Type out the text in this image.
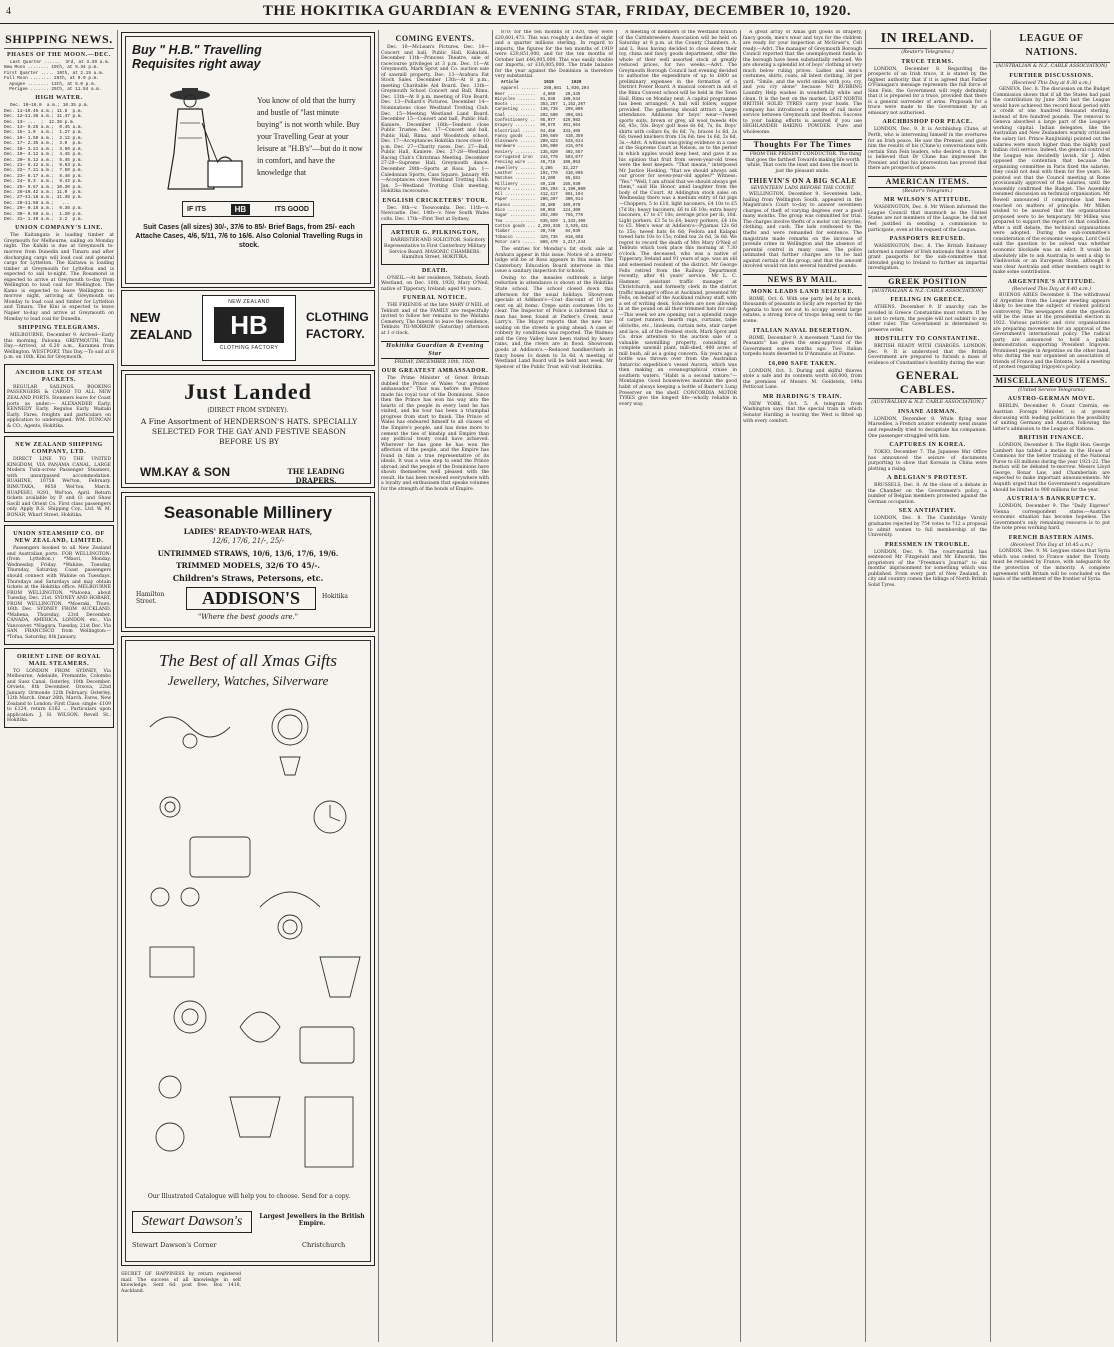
4	THE HOKITIKA GUARDIAN & EVENING STAR, FRIDAY, DECEMBER 10, 1920.

SHIPPING NEWS.

PHASES OF THE MOON.—DEC.

Last Quarter ......  3rd, at 3.39 a.m.
New Moon ........ 10th, at 9.34 p.m.
First Quarter ..... 19th, at 2.15 a.m.
Full Moon ........ 26th, at 9.0 p.m.
Apogee ........ 13th, at 5.0 p.m.
Perigee ....... 25th, at 11.54 a.m.

HIGH WATER.

Dec. 10—10.0  a.m.; 10.35 p.m.
Dec. 11—10.45 a.m.; 11.8  p.m.
Dec. 12—11.38 a.m.; 11.47 p.m.
Dec. 13— ...  ;  12.35 p.m.
Dec. 14— 0.25 a.m.;  0.45 a.m.
Dec. 15— 1.0  a.m.;  1.27 p.m.
Dec. 16— 1.50 a.m.;  2.12 p.m.
Dec. 17— 2.35 a.m.;  3.0  p.m.
Dec. 18— 3.21 a.m.;  3.50 p.m.
Dec. 19— 4.12 a.m.;  4.45 p.m.
Dec. 20— 5.12 a.m.;  5.45 p.m.
Dec. 21— 6.12 a.m.;  6.53 p.m.
Dec. 22— 7.21 a.m.;  7.50 p.m.
Dec. 23— 8.17 a.m.;  8.48 p.m.
Dec. 24— 9.3  a.m.;  9.43 p.m.
Dec. 25— 9.57 a.m.; 10.30 p.m.
Dec. 26—10.42 a.m.; 11.0  p.m.
Dec. 27—11.18 a.m.; 11.38 p.m.
Dec. 28—11.58 a.m.;   ...
Dec. 29— 0.18 a.m.;  0.38 p.m.
Dec. 30— 0.59 a.m.;  1.20 p.m.
Dec. 31— 1.40 a.m.;  2.2  p.m.

UNION COMPANY'S LINE.

The Kaitangata is loading timber at Greymouth for Melbourne, sailing on Monday night. The Kahiki is due at Greymouth to-morrow from Dunedin and Timaru and after discharging cargo will load coal and general cargo for Lyttelton. The Kaitawa is loading timber at Greymouth for Lyttelton and is expected to sail to-night. The Rosamond is expected to arrive at Greymouth to-day from Wellington to load coal for Wellington. The Kamo is expected to leave Wellington to-morrow night, arriving at Greymouth on Monday to load coal and timber for Lyttelton and Timaru. The Kini is expected to leave Napier to-day and arrive at Greymouth on Monday to load coal for Dunedin.

SHIPPING TELEGRAMS.

MELBOURNE, December 9. Arrived—Early this morning, Paloona. GREYMOUTH, This Day.—Arrived, at 6.20 a.m., Karamea from Wellington. WESTPORT, This Day.—To sail at 8 p.m. on 10th, Kini for Greymouth.

ANCHOR LINE OF STEAM PACKETS.

REGULAR SAILINGS. BOOKING PASSENGERS & CARGO TO ALL NEW ZEALAND PORTS. Steamers leave for Coast ports as under:— ALEXANDER Early. KENNEDY Early. Regulus Early. Waitaki Early. Fares, freights and particulars on application to undersigned. WM. DUNCAN & CO., Agents, Hokitika.

NEW ZEALAND SHIPPING COMPANY, LTD.

DIRECT LINE TO THE UNITED KINGDOM, VIA PANAMA CANAL. LARGE Modern Twin-screw Passenger Steamers, with unsurpassed accommodation. RUAHINE, 10758 Wel'ton, February. RIMUTAKA, 9658 Wel'ton, March. RUAPEHU, 9291, Wel'ton, April. Return tickets available by P. and O. and Shaw Savill and Orient Co. First class passengers only. Apply R.S. Shipping Coy., Ltd. W. M. BONAR, Wharf Street, Hokitika.

UNION STEAMSHIP CO. OF NEW ZEALAND, LIMITED.

Passengers booked to all New Zealand and Australian ports. FOR WELLINGTON: (from Lyttelton.) *Maori, Monday, Wednesday, Friday. *Wahine, Tuesday, Thursday, Saturday. Coast passengers should connect with Wahine on Tuesdays, Thursdays and Saturdays and may obtain tickets at the Hokitika office. MELBOURNE FROM WELLINGTON. *Paloona, about Tuesday, Dec. 21st. SYDNEY AND HOBART, FROM WELLINGTON. *Moeraki, Thurs, 16th Dec. SYDNEY FROM AUCKLAND. *Mahena, Thursday, 23rd December. CANADA, AMERICA, LONDON, etc., Via Vancouver. *Niagara, Tuesday, 21st Dec. Via SAN FRANCISCO from Wellington:— *Tofua, Saturday, 8th January.

ORIENT LINE OF ROYAL MAIL STEAMERS.

TO LONDON FROM SYDNEY, Via Melbourne, Adelaide, Fremantle, Colombo and Suez Canal. Osterley, 10th December. Orvieto, 8th December. Orsova, 22nd January. Ormonde 12th February. Osterley, 12th March. Omar 26th, March. Fares, New Zealand to London: First Class: single: £109 to £124, return £162 ... Particulars upon application. J. H. WILSON, Revell St., Hokitika.

Buy " H.B." Travelling Requisites right away
You know of old that the hurry and bustle of "last minute buying" is not worth while. Buy your Travelling Gear at your leisure at "H.B's"—but do it now in comfort, and have the knowledge that
IF ITS	HB	ITS GOOD
Suit Cases (all sizes) 30/-, 37/6 to 85/- Brief Bags, from 25/- each Attache Cases, 4/6, 5/11, 7/6 to 16/6. Also Colonial Travelling Rugs in stock.
NEW
ZEALAND
NEW ZEALAND
HB
CLOTHING FACTORY
CLOTHING
FACTORY.
Just Landed
(DIRECT FROM SYDNEY).
A Fine Assortment of HENDERSON'S HATS. SPECIALLY SELECTED FOR THE GAY AND FESTIVE SEASON BEFORE US BY
WM.KAY & SON	THE LEADING DRAPERS.
Seasonable Millinery
LADIES' READY-TO-WEAR HATS,
12/6, 17/6, 21/-, 25/-
UNTRIMMED STRAWS, 10/6, 13/6, 17/6, 19/6.
TRIMMED MODELS, 32/6 TO 45/-.
Children's Straws, Petersons, etc.
Hamilton Street.	ADDISON'S	Hokitika
"Where the best goods are."
The Best of all Xmas Gifts
Jewellery, Watches, Silverware
Our Illustrated Catalogue will help you to choose. Send for a copy.
Stewart Dawson's	Largest Jewellers in the British Empire.
Stewart Dawson's Corner	Christchurch
SECRET OF HAPPINESS by return registered mail. The success of all knowledge in self knowledge. Sent 6d. post free. Box 1418, Auckland.

COMING EVENTS.

Dec. 10—McLean's Pictures. Dec. 10—Concert and ball, Public Hall, Kokatahi. December 11th—Princess Theatre, sale of racecourse privileges at 3 p.m. Dec. 11—At Greymouth, Mark Sprot and Co. auction sale of sawmill property. Dec. 13—Arahura Fat Stock Sales. December 13th—At 8 p.m., meeting Charitable Aid Board. Dec. 13th—Greymouth School Concert and Ball, Rimu. Dec. 13th—At 8 p.m. meeting of Fire Board. Dec. 13—Pollard's Pictures. December 14—Nominations close Westland Trotting Club. Dec. 15—Meeting Westland Land Board. December 15—Concert and ball, Public Hall, Kaniere. December 16th—Tenders close Public Trustee. Dec. 17—Concert and ball, Public Hall, Rimu, and Woodstock school. Dec. 17—Acceptances Hokitika races close 10 p.m. Dec. 27—Charity races. Dec. 27—Ball, Public Hall, Kaniere. Dec. 27-28—Westland Racing Club's Christmas Meeting. December 27-28—Supreme Hall, Greymouth dance. December 28th—Sports at Ross. Jan. 1—Caledonian Sports, Cass Square. January 4th—Acceptances close Westland Trotting Club. Jan. 5—Westland Trotting Club meeting, Hokitika racecourse.

ENGLISH CRICKETERS' TOUR.

Dec. 8th—v. Toowoomba. Dec. 11th—v. Newcastle. Dec. 14th—v. New South Wales colts. Dec. 17th—First Test at Sydney.

ARTHUR G. PILKINGTON,

BARRISTER AND SOLICITOR. Solicitory Representative to First Canterbury Military Service Board. MASONIC CHAMBERS. Hamilton Street, HOKITIKA.

DEATH.

O'NEIL.—At her residence, Tebbuts, South Westland, on Dec. 10th, 1920, Mary O'Neil, native of Tipperary, Ireland; aged 91 years.

FUNERAL NOTICE.

THE FRIENDS of the late MARY O'NEIL of Tebbutt and of the FAMILY are respectfully invited to follow her remains to the Waitaha Cemetery. The funeral to leave the residence, Tebbuts TO-MORROW (Saturday) afternoon at 1 o'clock.

Hokitika Guardian & Evening Star

FRIDAY, DECEMBER 10th, 1920.

OUR GREATEST AMBASSADOR.

The Prime Minister of Great Britain dubbed the Prince of Wales "our greatest ambassador." That was before the Prince made his royal tour of the Dominions. Since then the Prince has won his way into the hearts of the people in every land he has visited, and his tour has been a triumphal progress from start to finish. The Prince of Wales has endeared himself to all classes of the Empire's people, and has done more to cement the ties of kinship and Empire than any political treaty could have achieved. Wherever he has gone he has won the affection of the people, and the Empire has found in him a true representative of its ideals. It was a wise step to send the Prince abroad, and the people of the Dominions have shown themselves well pleased with the result. He has been received everywhere with a loyalty and enthusiasm that speaks volumes for the strength of the bonds of Empire.

870; for the ten months of 1920, they were £20,601,473. This was roughly a decline of eight and a quarter millions sterling. In regard to imports, the figures for the ten months of 1919 were £29,851,000, and for the ten months of October last £46,005,000. This was easily double our imports, or £16,005,000. The trade balance for the year against the Dominion is therefore very substantial.

Article          1919       1920

Apparel .......  288,681  1,030,204
Beer ...........   4,869    28,345
Bicycles .......  81,938   180,544
Boots ..........  353,267  1,152,207
Carpeting ......  136,736   299,806
Coal ...........  292,590   398,651
Confectionery ..  95,077   429,982
Drapery ........  90,579   301,664
Electrical .....  94,458   333,405
Fancy goods ....  190,669   410,359
Glassware ......  209,823   528,614
Hardware .......  196,000   415,076
Hosiery ........  135,820   402,557
Corrugated iron   244,770   503,077
Fencing wire ...  46,718   106,053
Jewellery ......  3,285    32,227
Leather ........  192,770   410,505
Matches ........  16,200    65,581
Millinery ......  49,130   165,930
Motors .........  204,294  1,190,000
Oil ............  412,417   861,194
Paper ..........  206,397   300,914
Pianos .........  38,380   109,970
Rice ...........  60,055   124,300
Sugar ..........  292,390   755,770
Tea ............  635,929  1,333,408
Cotton goods ... 2,203,335  3,539,431
Timber .........  30,740    84,939
Tobacco ........  329,735   818,658
Motor cars .....  889,470  2,217,244

The entries for Monday's fat stock sale at Arahura appear in this issue. Notice of a streets' lodge will be at Ross appears in this issue. The Canterbury Education Board intervene in this issue a sanitary inspection for schools.

Owing to the measles outbreak a large reduction in attendance is shown at the Hokitika State school. The school closed down this afternoon for the usual holidays. Showroom specials at Addison's—Coat discount of 10 per cent on all items. Crepe satin costumes 10s to clear. The Inspector of Police is informed that a man has been found at Parker's Creek, near Larry's. The Mayor reports that the new tar-sealing on the streets is going ahead. A case of robbery by conditions was reported. The Waimea and the Grey Valley have been visited by heavy rains, and the rivers are in flood. Showroom goods at Addison's.—Reduced handkerchiefs in fancy boxes 1s dozen to 3s 6d. A meeting of Westland Land Board will be held next week. Mr Spencer of the Public Trust will visit Hokitika.

A meeting of members of the Westland branch of the Cattlebreeders Association will be held on Saturday at 8 p.m. at the County Chambers. A. and L. Ross having decided to close down their toy, china and fancy goods department, offer the whole of their well assorted stock at greatly reduced prices, for two weeks.—Advt. The Greymouth Borough Council last evening decided to authorise the expenditure of up to £800 as preliminary expenses in the formation of a District Power Board. A musical concert in aid of the Rimu Convent school will be held in the Town Hall, Rimu on Monday next. A capital programme has been arranged. A ball will follow, supper provided. The gathering should attract a large attendance. Addisons for boys' wear—Tweed sports suits, brown or grey, all wool tweeds 40s 6d, 45s, 50s. Boys' golf hose 6s 6d, 7s, 8s. Boys' shirts with collars 6s, 6s 6d, 7s; braces 1s 6d, 2s 6d; tweed knickers from 13s 6d; ties 1s 6d, 2s 6d, 3s.—Advt. A witness was giving evidence in a case at the Supreme Court at Nelson, as to the period in which apples would keep best, and gave it as his opinion that fruit from seven-year-old trees were the best keepers. "That means," interposed Mr Justice Hosking, "that we should always ask our grocer for seven-year-old apples?" Witness: "Yes." "Well, I am afraid that we should always get them," said His Honor, amid laughter from the body of the Court. At Addington stock sales on Wednesday there was a medium entry of fat pigs—Choppers, 5 to £10, light baconers, £4 10s to £5 (7d lb); heavy baconers, £6 to £6 10s; extra heavy baconers, £7 to £7 10s; average price per lb, 10d. Light porkers, £3 5s to £4; heavy porkers, £4 10s to £5. Men's wear at Addison's—Pyjamas 12s 6d to 35s; tweed hats 6s 6d; Fedora and Kalapai tweed hats 10s to 15s; rolled tea 2s 6d, 3s 6d. We regret to record the death of Mrs Mary O'Neil of Tebbuts which took place this morning at 7.30 o'clock. The deceased, who was a native of Tipperary, Ireland and 91 years of age, was an old and esteemed resident of the district. Mr George Fells retired from the Railway Department recently, after 41 years' service. Mr L. C. Hammer, assistant traffic manager at Christchurch, and formerly clerk in the district traffic manager's office at Auckland, presented Mr Fells, on behalf of the Auckland railway staff, with a set of writing desk. Schoolers are now allowing in at the pound on all their trimmed hats for cash—This week we are opening out a splendid range of carpet runners, hearth rugs, curtains, table oilcloths, etc., linoleum, curtain nets, stair carpet and lace, all of the freshest stock. Mark Sprot and Co. draw attention to the auction sale of a valuable sawmilling property, consisting of complete sawmill plant, mill-shed, 400 acres of mill bush, all as a going concern. Six years ago a bottle was thrown over from the Australian Antarctic expedition's vessel Aurora, which was then making an oceanographical cruise in southern waters. "Habit is a second nature."—Montaigne. Good housewives maintain the good habit of always keeping a bottle of Baxter's Lung Preserver on the shelf. CONCORDIA MOTOR TYRES give the longest life—wholly reliable in every way.

A great array of Xmas gift goods in drapery, fancy goods, men's wear and toys for the children are ready for your inspection at McGruer's, Cell ready.—Advt. The manager of Greymouth Borough Council reported that the unemployment funds in the borough have been substantially reduced. We are showing a splendid lot of boys' clothing at very much below ruling prices. Ladies and men's costumes, shirts, coats, all latest clothing, 3d per yard. "Smile, and the world smiles with you; cry, and you cry alone" because NO RUBBING Laundry Help washes in wonderfully white and clean. It is the best on the market. LAST NORTH BRITISH SOLID TYRES carry your loads. The company has introduced a system of rail motor service between Greymouth and Reefton. Success to your baking efforts is assured if you use HIGHLANDER BAKING POWDER. Pure and wholesome.

Thoughts For The Times

FROM THE PRESENT CONDUCTOR. The thing that goes the farthest Towards making life worth while, That costs the least and does the most Is just the pleasant smile.

THIEVIN'S ON A BIG SCALE

SEVENTEEN LADS BEFORE THE COURT.

WELLINGTON, December 9. Seventeen lads, hailing from Wellington South, appeared in the Magistrate's Court to-day to answer seventeen charges of theft of varying degrees over a good many months. The group was committed for trial. The charges involve thefts of a motor car, bicycles, clothing, and cash. The lads confessed to the thefts and were remanded for sentence. The magistrate made remarks on the increase of juvenile crime in Wellington and the absence of parental control in many cases. The police intimated that further charges are to be laid against certain of the group, and that the amount involved would run into several hundred pounds.

NEWS BY MAIL.

MONK LEADS LAND SEIZURE.

ROME, Oct. 6. With one party led by a monk, thousands of peasants in Sicily are reported by the Agenzia to have set out to occupy several large estates, a strong force of troops being sent to the scene.

ITALIAN NAVAL DESERTION.

ROME, December 9. A movement "Land for the Peasants" has given the semi-approval of the Government some months ago. Two Italian torpedo boats deserted to D'Annunzio at Fiume.

£6,000 SAFE TAKEN.

LONDON, Oct. 3. During and skilful thieves stole a safe and its contents worth £6,000, from the premises of Messrs M. Goldstein, 149a Petticoat Lane.

MR HARDING'S TRAIN.

NEW YORK, Oct. 5. A telegram from Washington says that the special train in which Senator Harding is touring the West is fitted up with every comfort.

IN IRELAND.

(Reuter's Telegrams.)

TRUCE TERMS.

LONDON, December 8. Regarding the prospects of an Irish truce, it is stated by the highest authority that if it is agreed that Father O'Flanagan's message represents the full force of Sinn Fein, the Government will reply definitely that it is prepared for a truce, provided that there is a general surrender of arms. Proposals for a truce were made to the Government by an emissary not authorised.

ARCHBISHOP FOR PEACE.

LONDON, Dec. 9. It is Archbishop Clune, of Perth, who is intervening himself in the overtures for an Irish peace. He saw the Premier, and gave him the results of his (Clune's) conversations with certain Sinn Fein leaders, who desired a truce. It is believed that Dr Clune has impressed the Premier, and that his intervention has proved that there are prospects of peace.

AMERICAN ITEMS.

(Reuter's Telegram.)

MR WILSON'S ATTITUDE.

WASHINGTON, Dec. 8. Mr Wilson informed the League Council that inasmuch as the United States are not members of the League, he did not feel justified in sending a commission to participate, even at the request of the League.

PASSPORTS REFUSED.

WASHINGTON, Dec. 8. The British Embassy informed a number of Irish nationals that it cannot grant passports for the sub-committee that intended going to Ireland to further an impartial investigation.

GREEK POSITION

(AUSTRALIAN & N.Z. CABLE ASSOCIATION)

FEELING IN GREECE.

ATHENS, December 9. If anarchy can be avoided in Greece Constantine must return. If he is not to return, the people will not submit to any other ruler. The Government is determined to preserve order.

HOSTILITY TO CONSTANTINE.

BRITISH READY WITH CHARGES. LONDON, Dec. 9. It is understood that the British Government are prepared to furnish a mass of evidence of Constantine's hostility during the war.

GENERAL CABLES.

(AUSTRALIAN & N.Z. CABLE ASSOCIATION.)

INSANE AIRMAN.

LONDON, December 8. While flying near Marseilles, a French aviator evidently went insane and repeatedly tried to decapitate his companion. One passenger struggled with him.

CAPTURES IN KOREA.

TOKIO, December 7. The Japanese War Office has announced the seizure of documents purporting to show that Koreans in China were plotting a rising.

A BELGIAN'S PROTEST.

BRUSSELS, Dec. 8. At the close of a debate in the Chamber on the Government's policy, a number of Belgian members protested against the German occupation.

SEX ANTIPATHY.

LONDON, Dec. 8. The Cambridge Varsity graduates rejected by 754 votes to 712 a proposal to admit women to full membership of the University.

PRESSMEN IN TROUBLE.

LONDON, Dec. 9. The court-martial has sentenced Mr Fitzgerald and Mr Edwards, the proprietors of the "Freeman's Journal" to six months' imprisonment for something which was published. From every part of New Zealand, in city and country comes the tidings of North British Solid Tyres.

LEAGUE OF NATIONS.

(AUSTRALIAN & N.Z. CABLE ASSOCIATION)

FURTHER DISCUSSIONS.

(Received This Day at 8.30 a.m.)

GENEVA, Dec. 8. The discussion on the Budget Commission shows that if all the States had paid the contribution by June 30th last the League would have achieved the record fiscal period with a credit of one hundred thousand sterling, instead of five hundred pounds. The removal to Geneva absorbed a large part of the League's working capital. Indian delegates, like the Australian and New Zealanders warmly criticised the salary list. Prince Ranjitsinhji pointed out the salaries were much higher than the highly paid Indian civil service. Indeed, the general control of the League was decidedly lavish. Sir J. Allen opposed the contention that because the organising committee in Paris fixed the salaries, they could not deal with them for five years. He pointed out that the Council meeting at Rome provisionally approved of the salaries, until the Assembly confirmed the Budget. The Assembly resumed discussion on technical organisation. Mr Rowell announced if compromise had been reached on matters of principle. Mr Millen wished to be assured that the organisations proposed were to be temporary. Mr Millen was prepared to support the report on that condition. After a stiff debate, the technical organisations were adopted. During the sub-committee's consideration of the economic weapon, Lord Cecil said the question to be solved was whether economic blockade was an edict. It would be absolutely idle to ask Australia to sent a ship to Vladivostok or an European State, although it was clear Australia and other members ought to make some contribution.

ARGENTINE'S ATTITUDE.

(Received This Day at 8.40 a.m.)

BUENOS AIRES December 8. The withdrawal of Argentine from the League meeting appears likely to become the subject of violent political controversy. The newspapers state the question will be the issue at the presidential election in 1922. Various patriotic and civic organisations are preparing movements for an approval of the Government's international policy. The radical party are announced to hold a public demonstration supporting President Irigoyen. Prominent people in Argentine on the other hand, who during the war organised an association of friends of France and the Entente, hold a meeting of protest regarding Irigoyen's policy.

MISCELLANEOUS ITEMS.

(United Service Telegrams)

AUSTRO-GERMAN MOVE.

BERLIN, December 9. Count Czernin, ex-Austrian Foreign Minister, is at present discussing with leading politicians the possibility of uniting Germany and Austria, following the latter's admission to the League of Nations.

BRITISH FINANCE.

LONDON, December 8. The Right Hon. George Lambert has tabled a motion in the House of Commons for the better training of the National Purse to £8 millions during the year 1921-22. The motion will be debated to-morrow. Messrs Lloyd George, Bonar Law, and Chamberlain are expected to make important announcements. Mr Asquith urged that the Government's expenditure should be limited to 900 millions for the year.

AUSTRIA'S BANKRUPTCY.

LONDON, December 9. The "Daily Express" Vienna correspondent states:—Austria's economic situation has become hopeless. The Government's only remaining resource is to put the note press working hard.

FRENCH BASTERN AIMS.

(Received This Day at 10.45 a.m.)

LONDON, Dec. 9. M. Leygues states that Syria which was ceded to France under the Treaty, must be retained by France, with safeguards for the protection of the minority. A complete agreement with Britain will be concluded on the basis of the settlement of the frontier of Syria.
